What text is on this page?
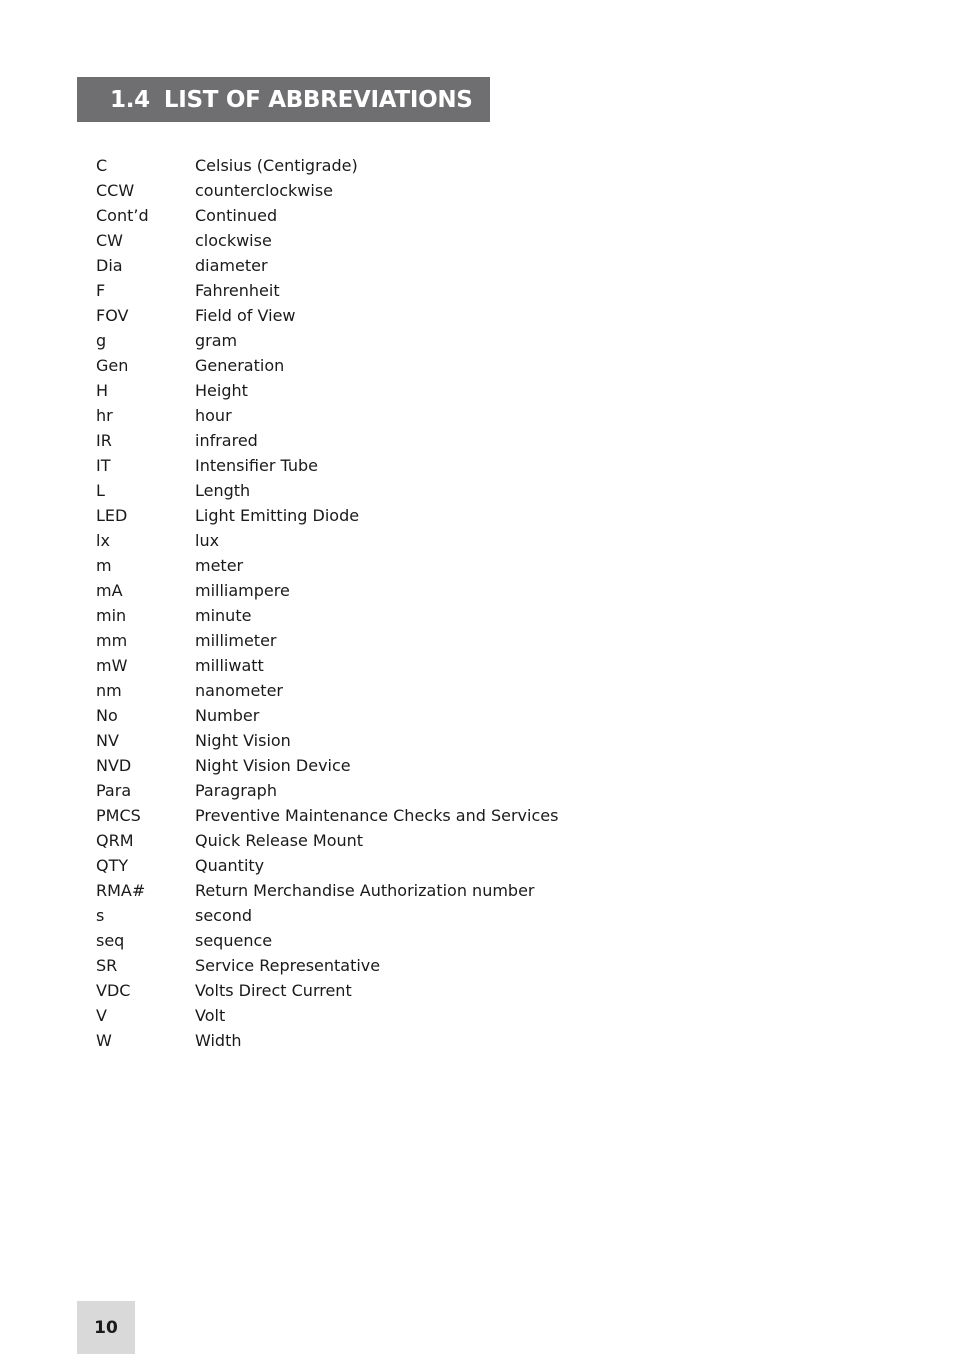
1.4 LIST OF ABBREVIATIONS
C	Celsius (Centigrade)
CCW	counterclockwise
Cont’d	Continued
CW	clockwise
Dia	diameter
F	Fahrenheit
FOV	Field of View
g	gram
Gen	Generation
H	Height
hr	hour
IR	infrared
IT	Intensifier Tube
L	Length
LED	Light Emitting Diode
lx	lux
m	meter
mA	milliampere
min	minute
mm	millimeter
mW	milliwatt
nm	nanometer
No	Number
NV	Night Vision
NVD	Night Vision Device
Para	Paragraph
PMCS	Preventive Maintenance Checks and Services
QRM	Quick Release Mount
QTY	Quantity
RMA#	Return Merchandise Authorization number
s	second
seq	sequence
SR	Service Representative
VDC	Volts Direct Current
V	Volt
W	Width
10
